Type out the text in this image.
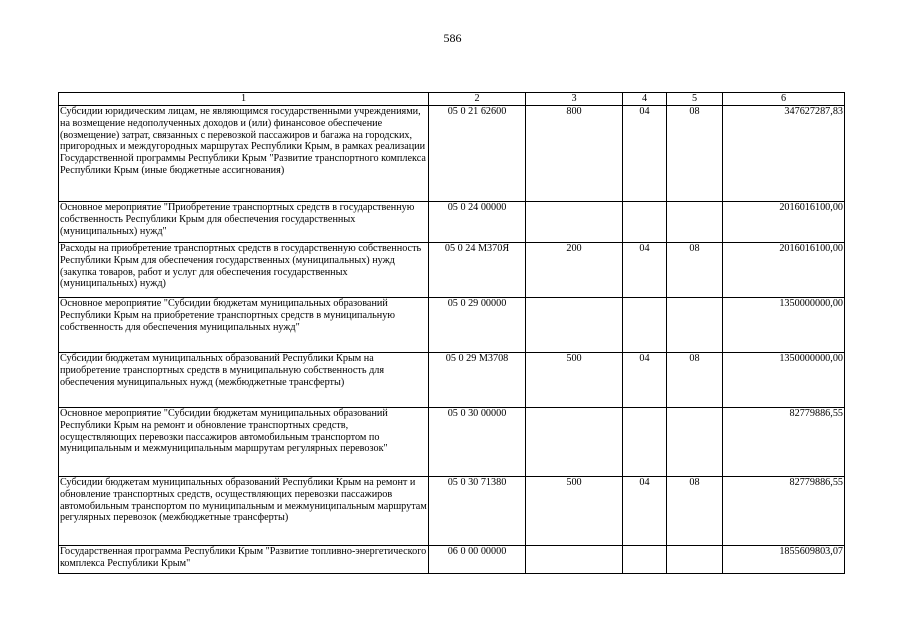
586
1	2	3	4	5	6
Субсидии юридическим лицам, не являющимся государственными учреждениями, на возмещение недополученных доходов и (или) финансовое обеспечение (возмещение) затрат, связанных с перевозкой пассажиров и багажа на городских, пригородных и междугородных маршрутах Республики Крым, в рамках реализации Государственной программы Республики Крым "Развитие транспортного комплекса Республики Крым (иные бюджетные ассигнования)	05 0 21 62600	800	04	08	347627287,83
Основное мероприятие "Приобретение транспортных средств в государственную собственность Республики Крым для обеспечения государственных (муниципальных) нужд"	05 0 24 00000				2016016100,00
Расходы на приобретение транспортных средств в государственную собственность Республики Крым для обеспечения государственных (муниципальных) нужд (закупка товаров, работ и услуг для обеспечения государственных (муниципальных) нужд)	05 0 24 М370Я	200	04	08	2016016100,00
Основное мероприятие "Субсидии бюджетам муниципальных образований Республики Крым на приобретение транспортных средств в муниципальную собственность для обеспечения муниципальных нужд"	05 0 29 00000				1350000000,00
Субсидии бюджетам муниципальных образований Республики Крым на приобретение транспортных средств в муниципальную собственность для обеспечения муниципальных нужд (межбюджетные трансферты)	05 0 29 М3708	500	04	08	1350000000,00
Основное мероприятие "Субсидии бюджетам муниципальных образований Республики Крым на ремонт и обновление транспортных средств, осуществляющих перевозки пассажиров автомобильным транспортом по муниципальным и межмуниципальным маршрутам регулярных перевозок"	05 0 30 00000				82779886,55
Субсидии бюджетам муниципальных образований Республики Крым на ремонт и обновление транспортных средств, осуществляющих перевозки пассажиров автомобильным транспортом по муниципальным и межмуниципальным маршрутам регулярных перевозок (межбюджетные трансферты)	05 0 30 71380	500	04	08	82779886,55
Государственная программа Республики Крым "Развитие топливно-энергетического комплекса Республики Крым"	06 0 00 00000				1855609803,07
